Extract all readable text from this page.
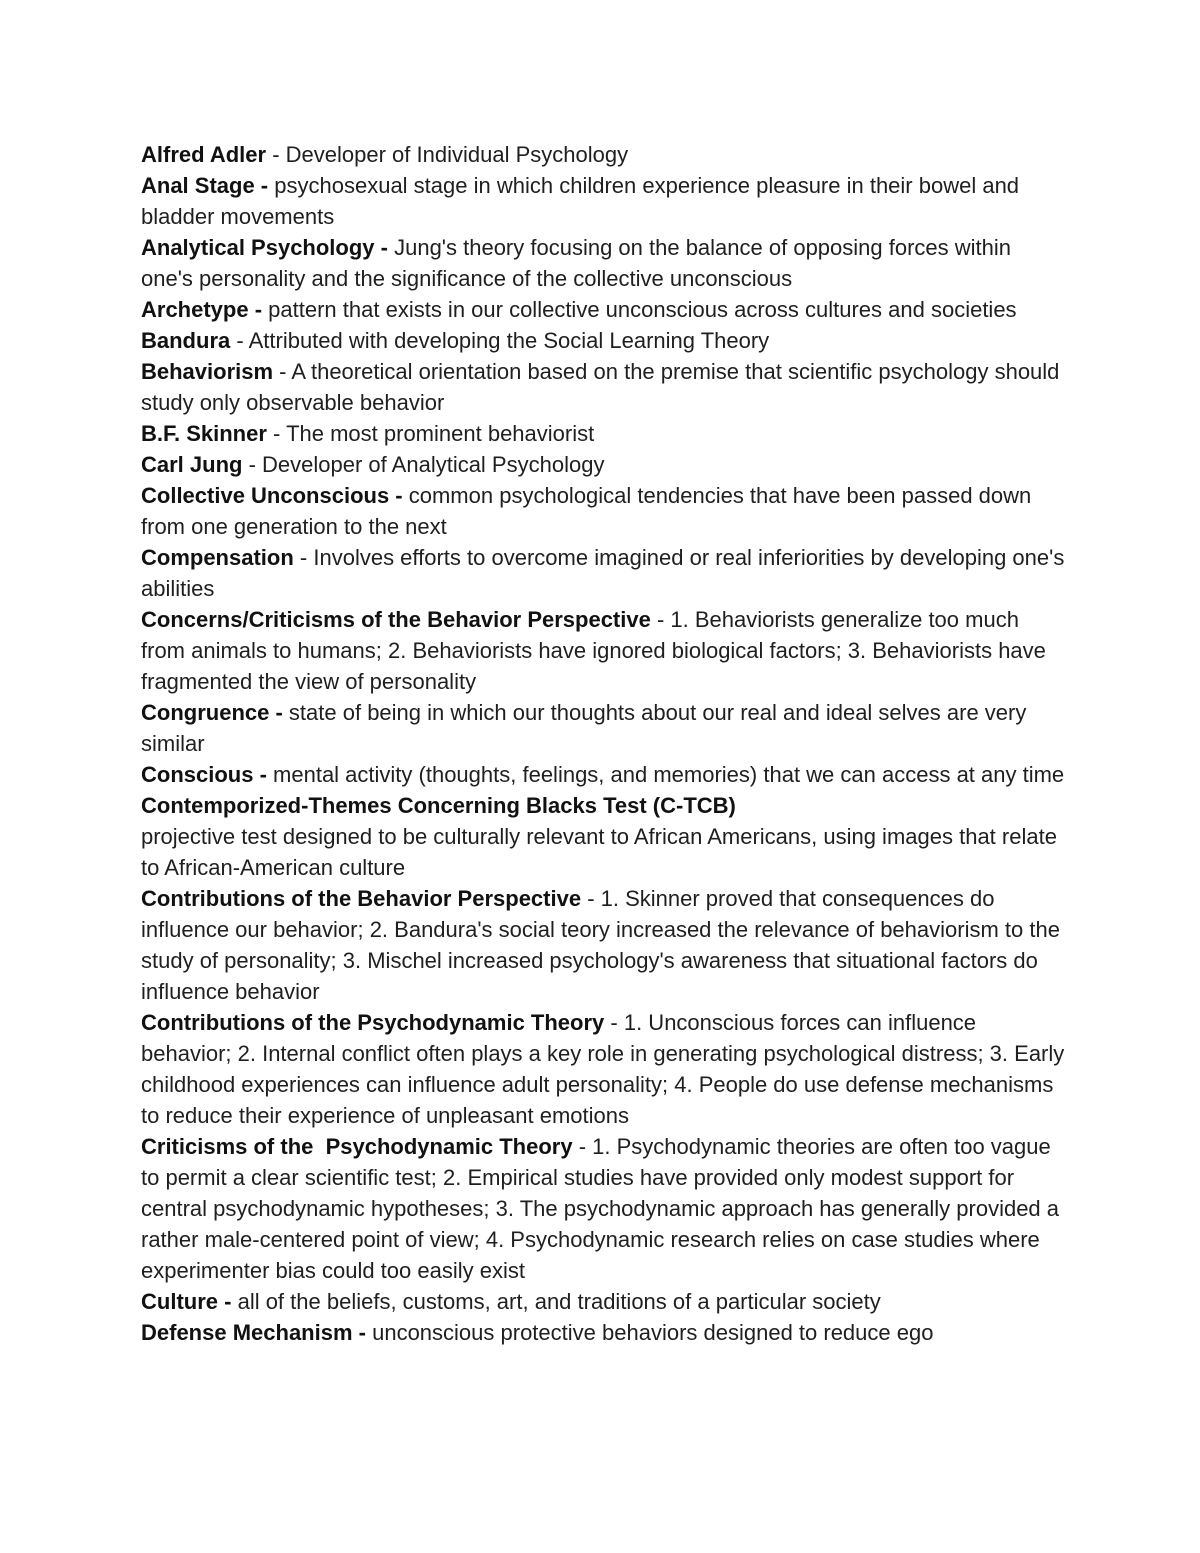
Alfred Adler - Developer of Individual Psychology
Anal Stage - psychosexual stage in which children experience pleasure in their bowel and bladder movements
Analytical Psychology - Jung's theory focusing on the balance of opposing forces within one's personality and the significance of the collective unconscious
Archetype - pattern that exists in our collective unconscious across cultures and societies
Bandura - Attributed with developing the Social Learning Theory
Behaviorism - A theoretical orientation based on the premise that scientific psychology should study only observable behavior
B.F. Skinner - The most prominent behaviorist
Carl Jung - Developer of Analytical Psychology
Collective Unconscious - common psychological tendencies that have been passed down from one generation to the next
Compensation - Involves efforts to overcome imagined or real inferiorities by developing one's abilities
Concerns/Criticisms of the Behavior Perspective - 1. Behaviorists generalize too much from animals to humans; 2. Behaviorists have ignored biological factors; 3. Behaviorists have fragmented the view of personality
Congruence - state of being in which our thoughts about our real and ideal selves are very similar
Conscious - mental activity (thoughts, feelings, and memories) that we can access at any time
Contemporized-Themes Concerning Blacks Test (C-TCB)
projective test designed to be culturally relevant to African Americans, using images that relate to African-American culture
Contributions of the Behavior Perspective - 1. Skinner proved that consequences do influence our behavior; 2. Bandura's social teory increased the relevance of behaviorism to the study of personality; 3. Mischel increased psychology's awareness that situational factors do influence behavior
Contributions of the Psychodynamic Theory - 1. Unconscious forces can influence behavior; 2. Internal conflict often plays a key role in generating psychological distress; 3. Early childhood experiences can influence adult personality; 4. People do use defense mechanisms to reduce their experience of unpleasant emotions
Criticisms of the  Psychodynamic Theory - 1. Psychodynamic theories are often too vague to permit a clear scientific test; 2. Empirical studies have provided only modest support for central psychodynamic hypotheses; 3. The psychodynamic approach has generally provided a rather male-centered point of view; 4. Psychodynamic research relies on case studies where experimenter bias could too easily exist
Culture - all of the beliefs, customs, art, and traditions of a particular society
Defense Mechanism - unconscious protective behaviors designed to reduce ego
